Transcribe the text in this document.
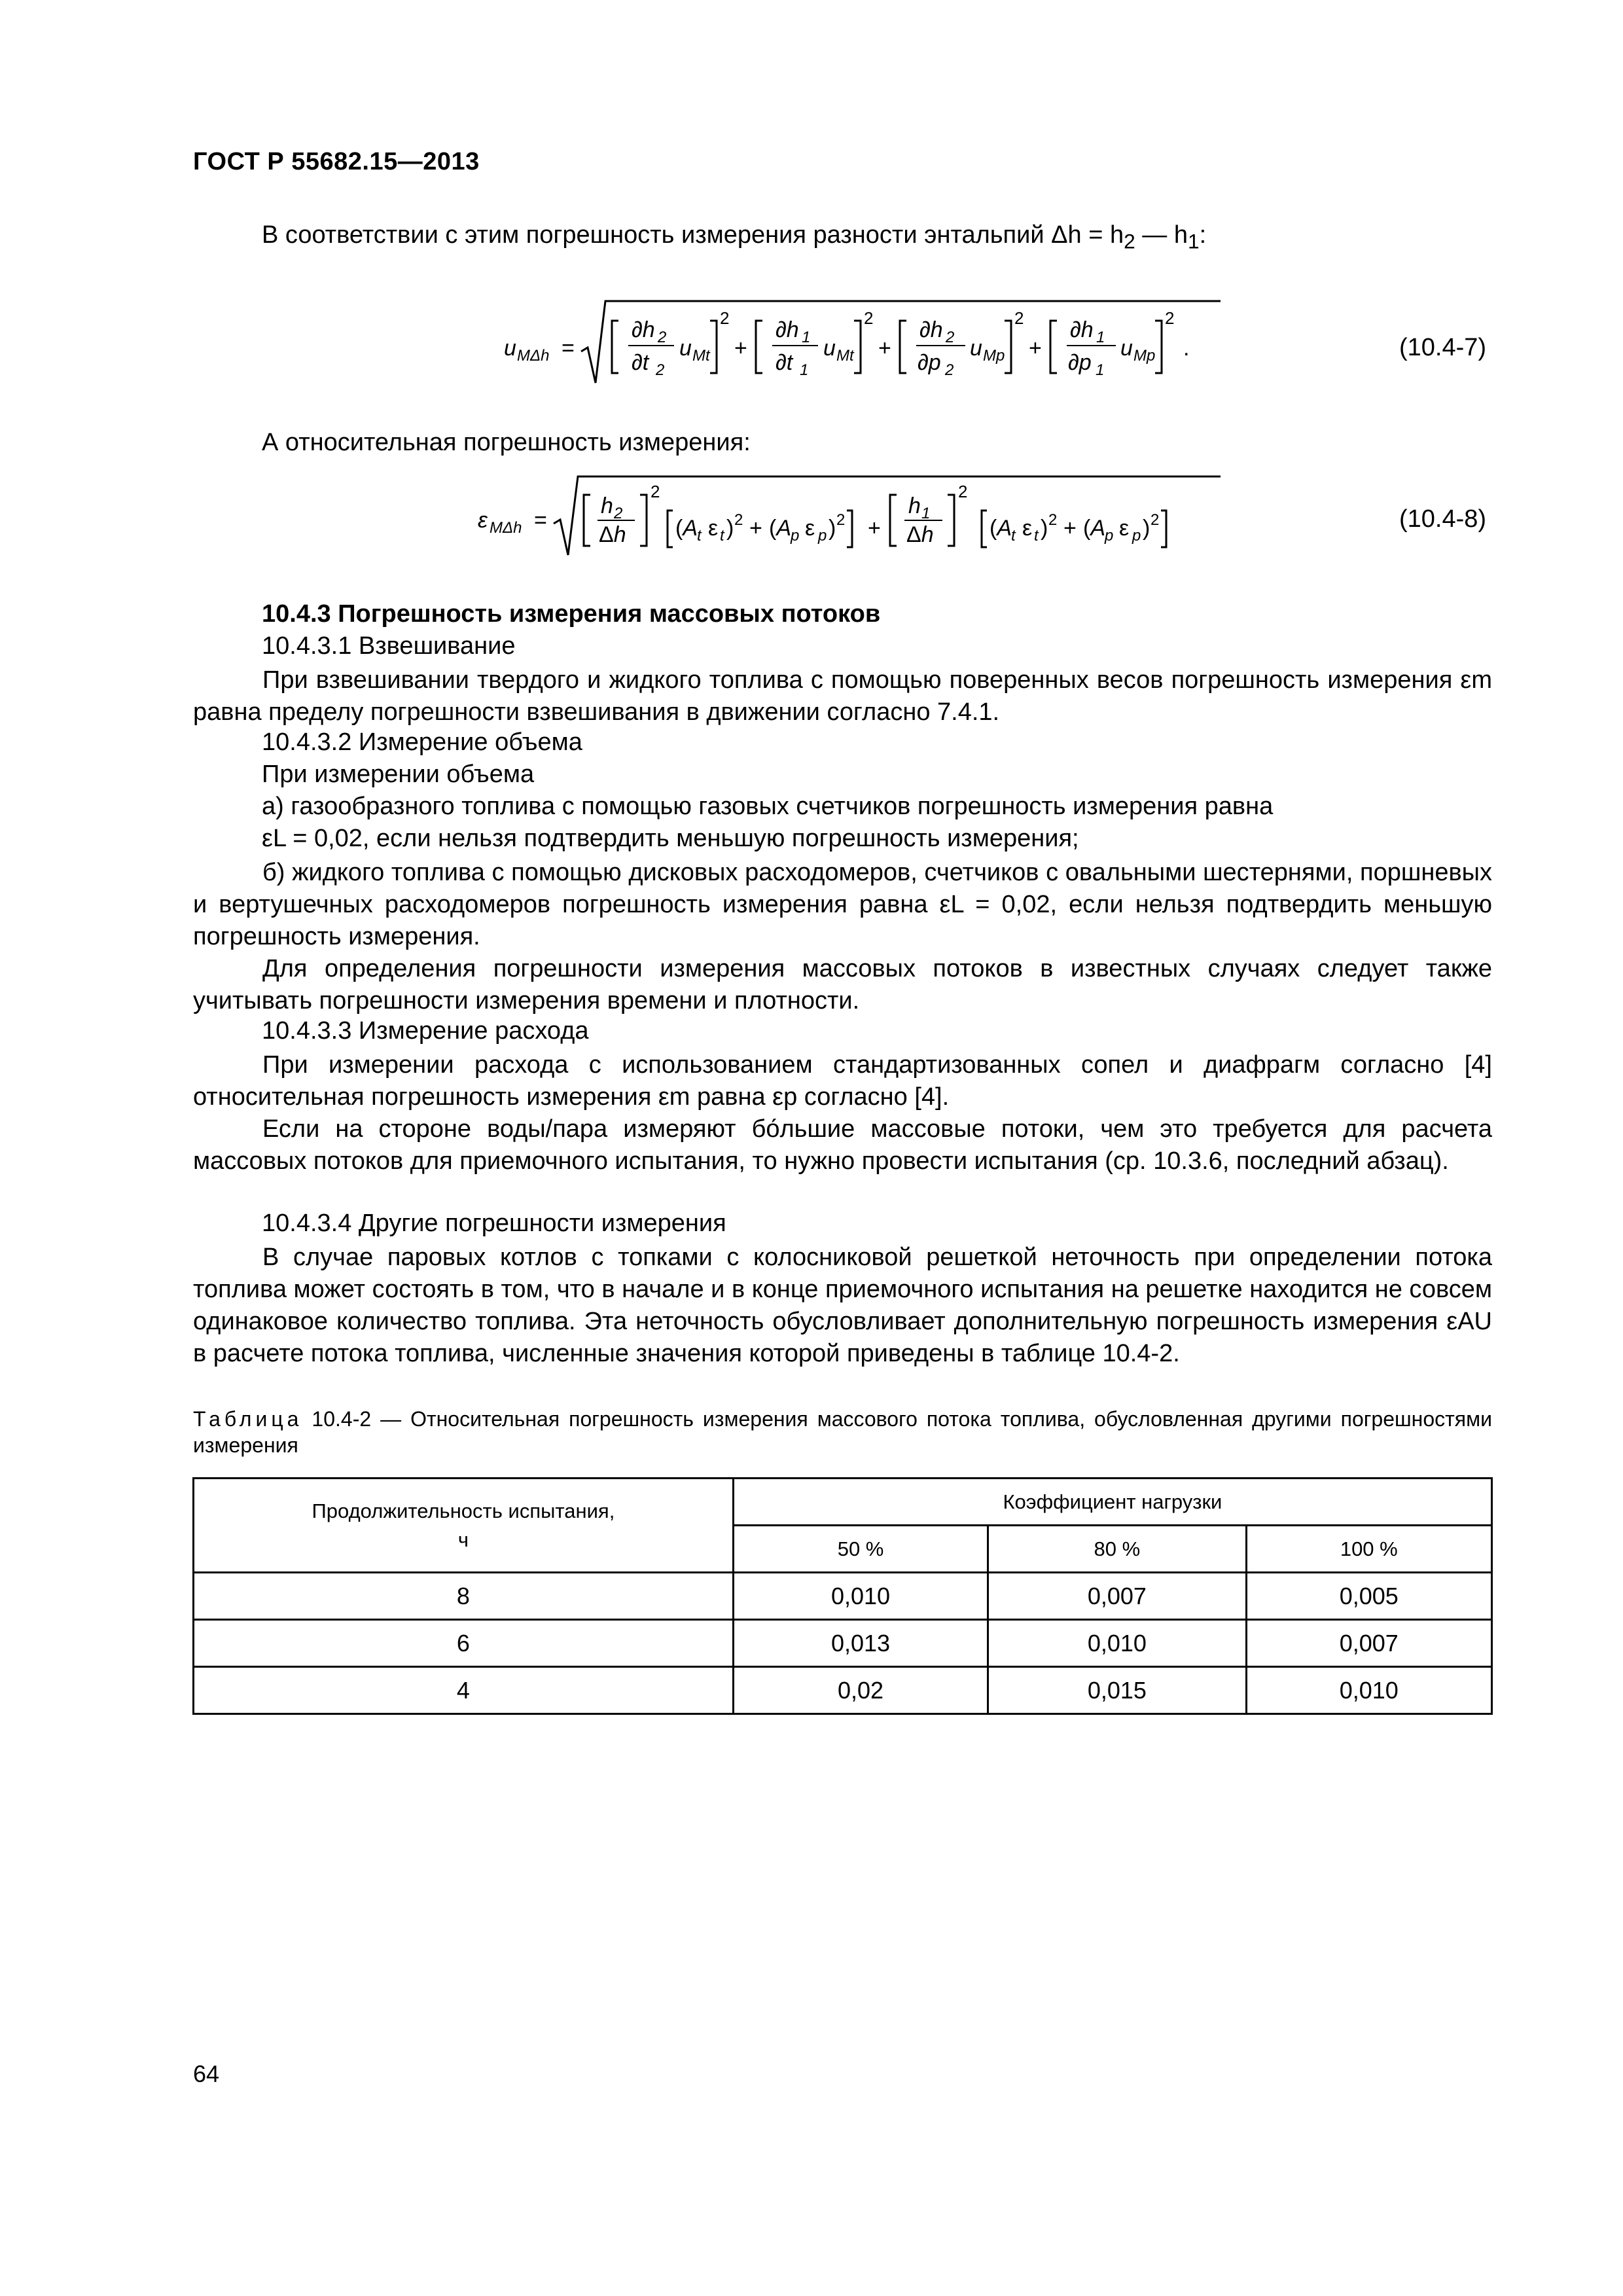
ГОСТ Р 55682.15—2013
В соответствии с этим погрешность измерения разности энтальпий $\Delta h = h_2$ — $h_1$:
u MΔh =
∂h 2
∂t 2
u Mt
2
+
∂h 1
∂t 1
u Mt
2
+
∂h 2
∂p 2
u Mp
2
+
∂h 1
∂p 1
u Mp
2
.	(10.4-7)
А относительная погрешность измерения:
ε MΔh =
h 2
Δh
2
(A
t ε t ) 2 + (A
p ε p ) 2 +
h 1
Δh
2
(A
t ε t ) 2 + (A
p ε p ) 2	(10.4-8)
10.4.3 Погрешность измерения массовых потоков
10.4.3.1 Взвешивание
При взвешивании твердого и жидкого топлива с помощью поверенных весов погрешность измерения εm равна пределу погрешности взвешивания в движении согласно 7.4.1.
10.4.3.2 Измерение объема
При измерении объема
а) газообразного топлива с помощью газовых счетчиков погрешность измерения равна
εL = 0,02, если нельзя подтвердить меньшую погрешность измерения;
б) жидкого топлива с помощью дисковых расходомеров, счетчиков с овальными шестернями, поршневых и вертушечных расходомеров погрешность измерения равна εL = 0,02, если нельзя подтвердить меньшую погрешность измерения.
Для определения погрешности измерения массовых потоков в известных случаях следует также учитывать погрешности измерения времени и плотности.
10.4.3.3 Измерение расхода
При измерении расхода с использованием стандартизованных сопел и диафрагм согласно [4] относительная погрешность измерения εm равна εp согласно [4].
Если на стороне воды/пара измеряют бо́льшие массовые потоки, чем это требуется для расчета массовых потоков для приемочного испытания, то нужно провести испытания (ср. 10.3.6, последний абзац).
10.4.3.4 Другие погрешности измерения
В случае паровых котлов с топками с колосниковой решеткой неточность при определении потока топлива может состоять в том, что в начале и в конце приемочного испытания на решетке находится не совсем одинаковое количество топлива. Эта неточность обусловливает дополнительную погрешность измерения εAU в расчете потока топлива, численные значения которой приведены в таблице 10.4-2.
Таблица 10.4-2 — Относительная погрешность измерения массового потока топлива, обусловленная другими погрешностями измерения
Продолжительность испытания,
ч	Коэффициент нагрузки		
	50 %	80 %	100 %
8	0,010	0,007	0,005
6	0,013	0,010	0,007
4	0,02	0,015	0,010
64
